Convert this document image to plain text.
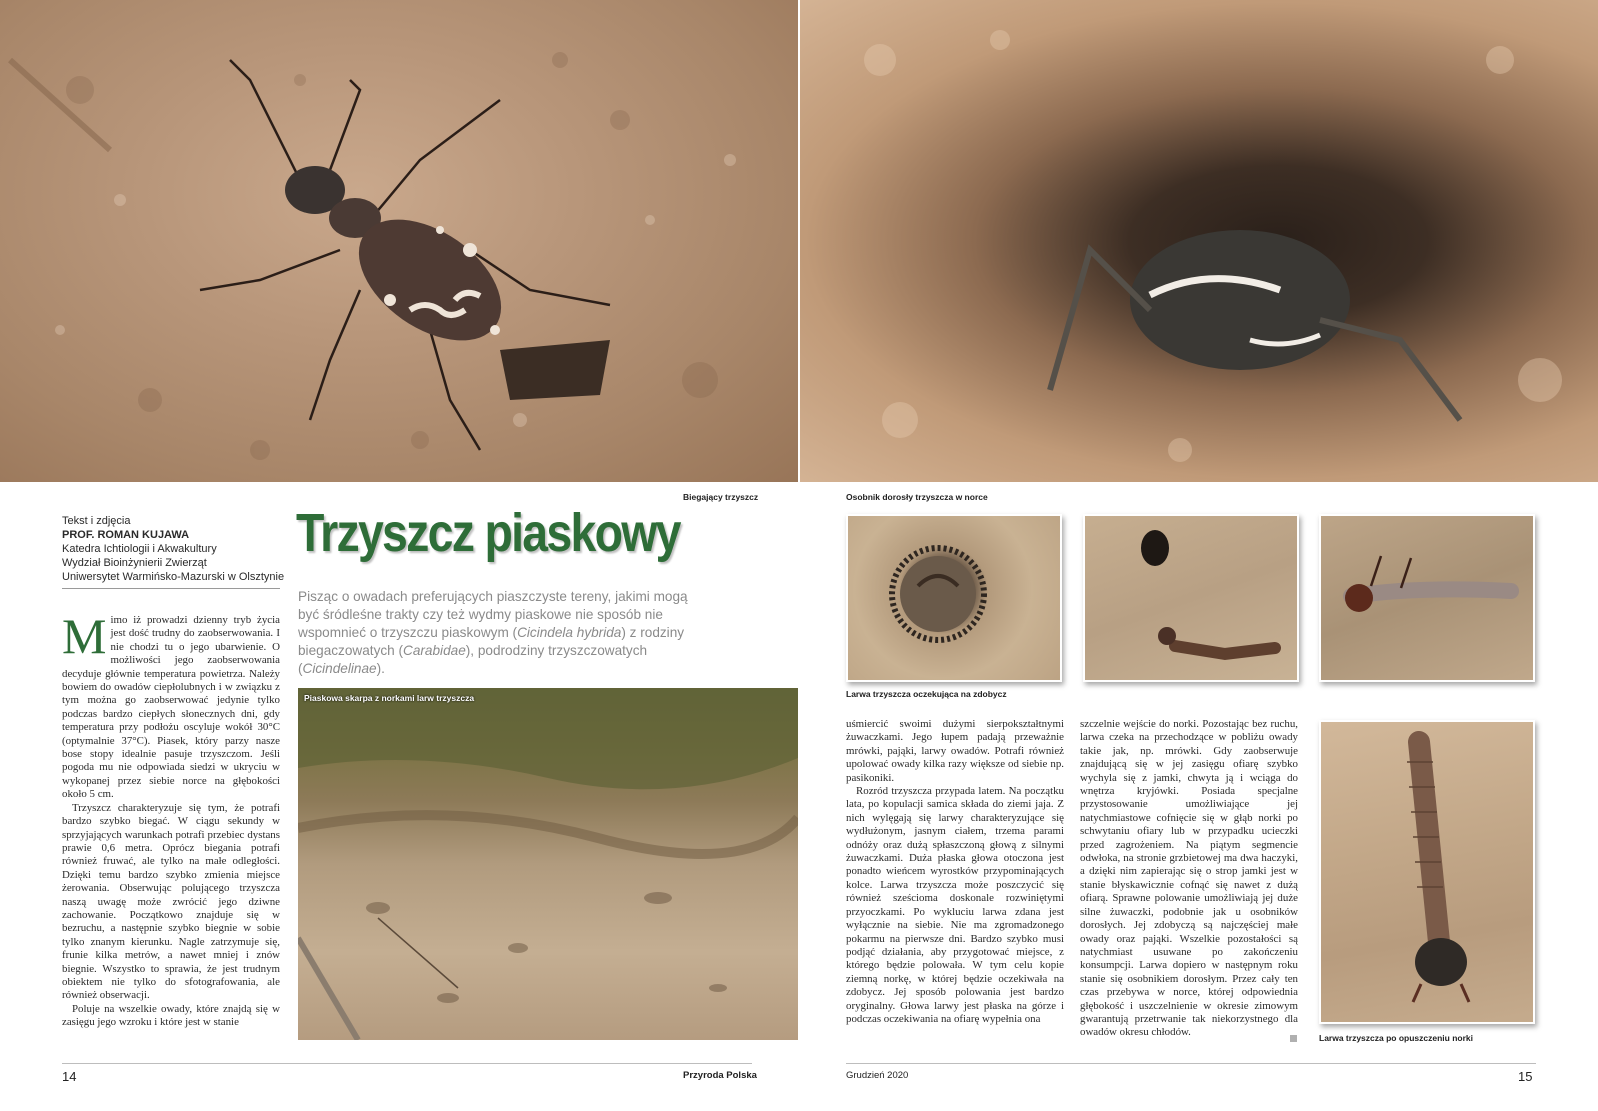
Biegający trzyszcz	Osobnik dorosły trzyszcza w norce
Tekst i zdjęcia
PROF. ROMAN KUJAWA
Katedra Ichtiologii i Akwakultury
Wydział Bioinżynierii Zwierząt
Uniwersytet Warmińsko-Mazurski w Olsztynie
Trzyszcz piaskowy
Pisząc o owadach preferujących piaszczyste tereny, jakimi mogą być śródleśne trakty czy też wydmy piaskowe nie sposób nie wspomnieć o trzyszczu piaskowym (Cicindela hybrida) z rodziny biegaczowatych (Carabidae), podrodziny trzyszczowatych (Cicindelinae).

Mimo iż prowadzi dzienny tryb życia jest dość trudny do zaobserwowania. I nie chodzi tu o jego ubarwienie. O możliwości jego zaobserwowania decyduje głównie temperatura powietrza. Należy bowiem do owadów ciepłolubnych i w związku z tym można go zaobserwować jedynie tylko podczas bardzo ciepłych słonecznych dni, gdy temperatura przy podłożu oscyluje wokół 30°C (optymalnie 37°C). Piasek, który parzy nasze bose stopy idealnie pasuje trzyszczom. Jeśli pogoda mu nie odpowiada siedzi w ukryciu w wykopanej przez siebie norce na głębokości około 5 cm.

Trzyszcz charakteryzuje się tym, że potrafi bardzo szybko biegać. W ciągu sekundy w sprzyjających warunkach potrafi przebiec dystans prawie 0,6 metra. Oprócz biegania potrafi również fruwać, ale tylko na małe odległości. Dzięki temu bardzo szybko zmienia miejsce żerowania. Obserwując polującego trzyszcza naszą uwagę może zwrócić jego dziwne zachowanie. Początkowo znajduje się w bezruchu, a następnie szybko biegnie w sobie tylko znanym kierunku. Nagle zatrzymuje się, frunie kilka metrów, a nawet mniej i znów biegnie. Wszystko to sprawia, że jest trudnym obiektem nie tylko do sfotografowania, ale również obserwacji.

Poluje na wszelkie owady, które znajdą się w zasięgu jego wzroku i które jest w stanie

Piaskowa skarpa z norkami larw trzyszcza	Larwa trzyszcza oczekująca na zdobycz

uśmiercić swoimi dużymi sierpokształtnymi żuwaczkami. Jego łupem padają przeważnie mrówki, pająki, larwy owadów. Potrafi również upolować owady kilka razy większe od siebie np. pasikoniki.

Rozród trzyszcza przypada latem. Na początku lata, po kopulacji samica składa do ziemi jaja. Z nich wylęgają się larwy charakteryzujące się wydłużonym, jasnym ciałem, trzema parami odnóży oraz dużą spłaszczoną głową z silnymi żuwaczkami. Duża płaska głowa otoczona jest ponadto wieńcem wyrostków przypominających kolce. Larwa trzyszcza może poszczycić się również sześcioma doskonale rozwiniętymi przyoczkami. Po wykluciu larwa zdana jest wyłącznie na siebie. Nie ma zgromadzonego pokarmu na pierwsze dni. Bardzo szybko musi podjąć działania, aby przygotować miejsce, z którego będzie polowała. W tym celu kopie ziemną norkę, w której będzie oczekiwała na zdobycz. Jej sposób polowania jest bardzo oryginalny. Głowa larwy jest płaska na górze i podczas oczekiwania na ofiarę wypełnia ona

szczelnie wejście do norki. Pozostając bez ruchu, larwa czeka na przechodzące w pobliżu owady takie jak, np. mrówki. Gdy zaobserwuje znajdującą się w jej zasięgu ofiarę szybko wychyla się z jamki, chwyta ją i wciąga do wnętrza kryjówki. Posiada specjalne przystosowanie umożliwiające jej natychmiastowe cofnięcie się w głąb norki po schwytaniu ofiary lub w przypadku ucieczki przed zagrożeniem. Na piątym segmencie odwłoka, na stronie grzbietowej ma dwa haczyki, a dzięki nim zapierając się o strop jamki jest w stanie błyskawicznie cofnąć się nawet z dużą ofiarą. Sprawne polowanie umożliwiają jej duże silne żuwaczki, podobnie jak u osobników dorosłych. Jej zdobyczą są najczęściej małe owady oraz pająki. Wszelkie pozostałości są natychmiast usuwane po zakończeniu konsumpcji. Larwa dopiero w następnym roku stanie się osobnikiem dorosłym. Przez cały ten czas przebywa w norce, której odpowiednia głębokość i uszczelnienie w okresie zimowym gwarantują przetrwanie tak niekorzystnego dla owadów okresu chłodów.	Larwa trzyszcza po opuszczeniu norki
14	Przyroda Polska	Grudzień 2020	15
